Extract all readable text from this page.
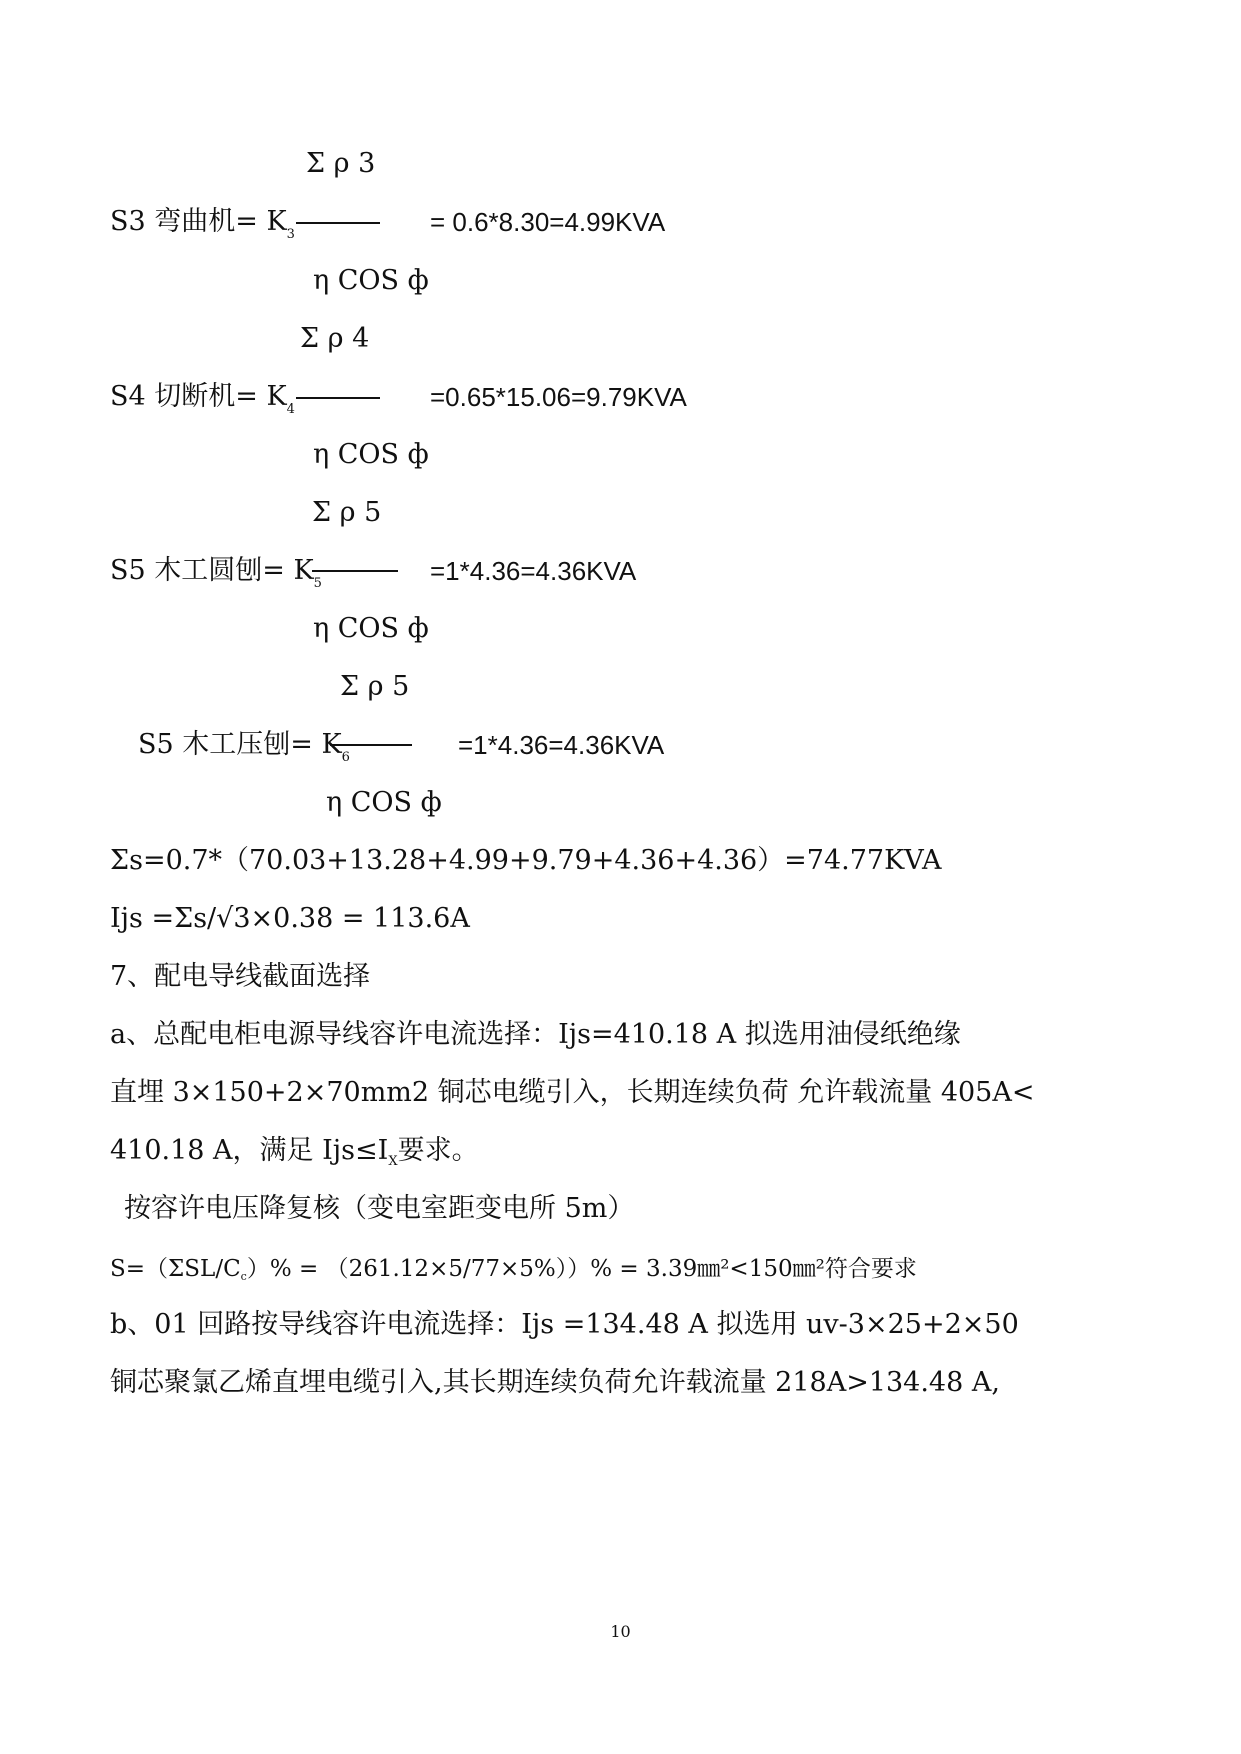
Σ ρ 3
S3 弯曲机= $K_3$	= 0.6*8.30=4.99KVA
η COS ф
Σ ρ 4
S4 切断机= $K_4$	=0.65*15.06=9.79KVA
η COS ф
Σ ρ 5
S5 木工圆刨= $K_5$	=1*4.36=4.36KVA
η COS ф
Σ ρ 5
S5 木工压刨= $K_6$	=1*4.36=4.36KVA
η COS ф
Σs=0.7*（70.03+13.28+4.99+9.79+4.36+4.36）=74.77KVA
Ijs =Σs/√3×0.38 = 113.6A
7、配电导线截面选择
a、总配电柜电源导线容许电流选择：Ijs=410.18 A 拟选用油侵纸绝缘
直埋 3×150+2×70mm2 铜芯电缆引入，长期连续负荷 允许载流量 405A<
410.18 A，满足 $Ijs\le I_X$要求。
按容许电压降复核（变电室距变电所 5m）
S=（ΣSL/Cc）% = （261.12×5/77×5%））% = 3.39㎜²<150㎜²符合要求
b、01 回路按导线容许电流选择：Ijs =134.48 A 拟选用 uv-3×25+2×50
铜芯聚氯乙烯直埋电缆引入,其长期连续负荷允许载流量 218A>134.48 A,
10
